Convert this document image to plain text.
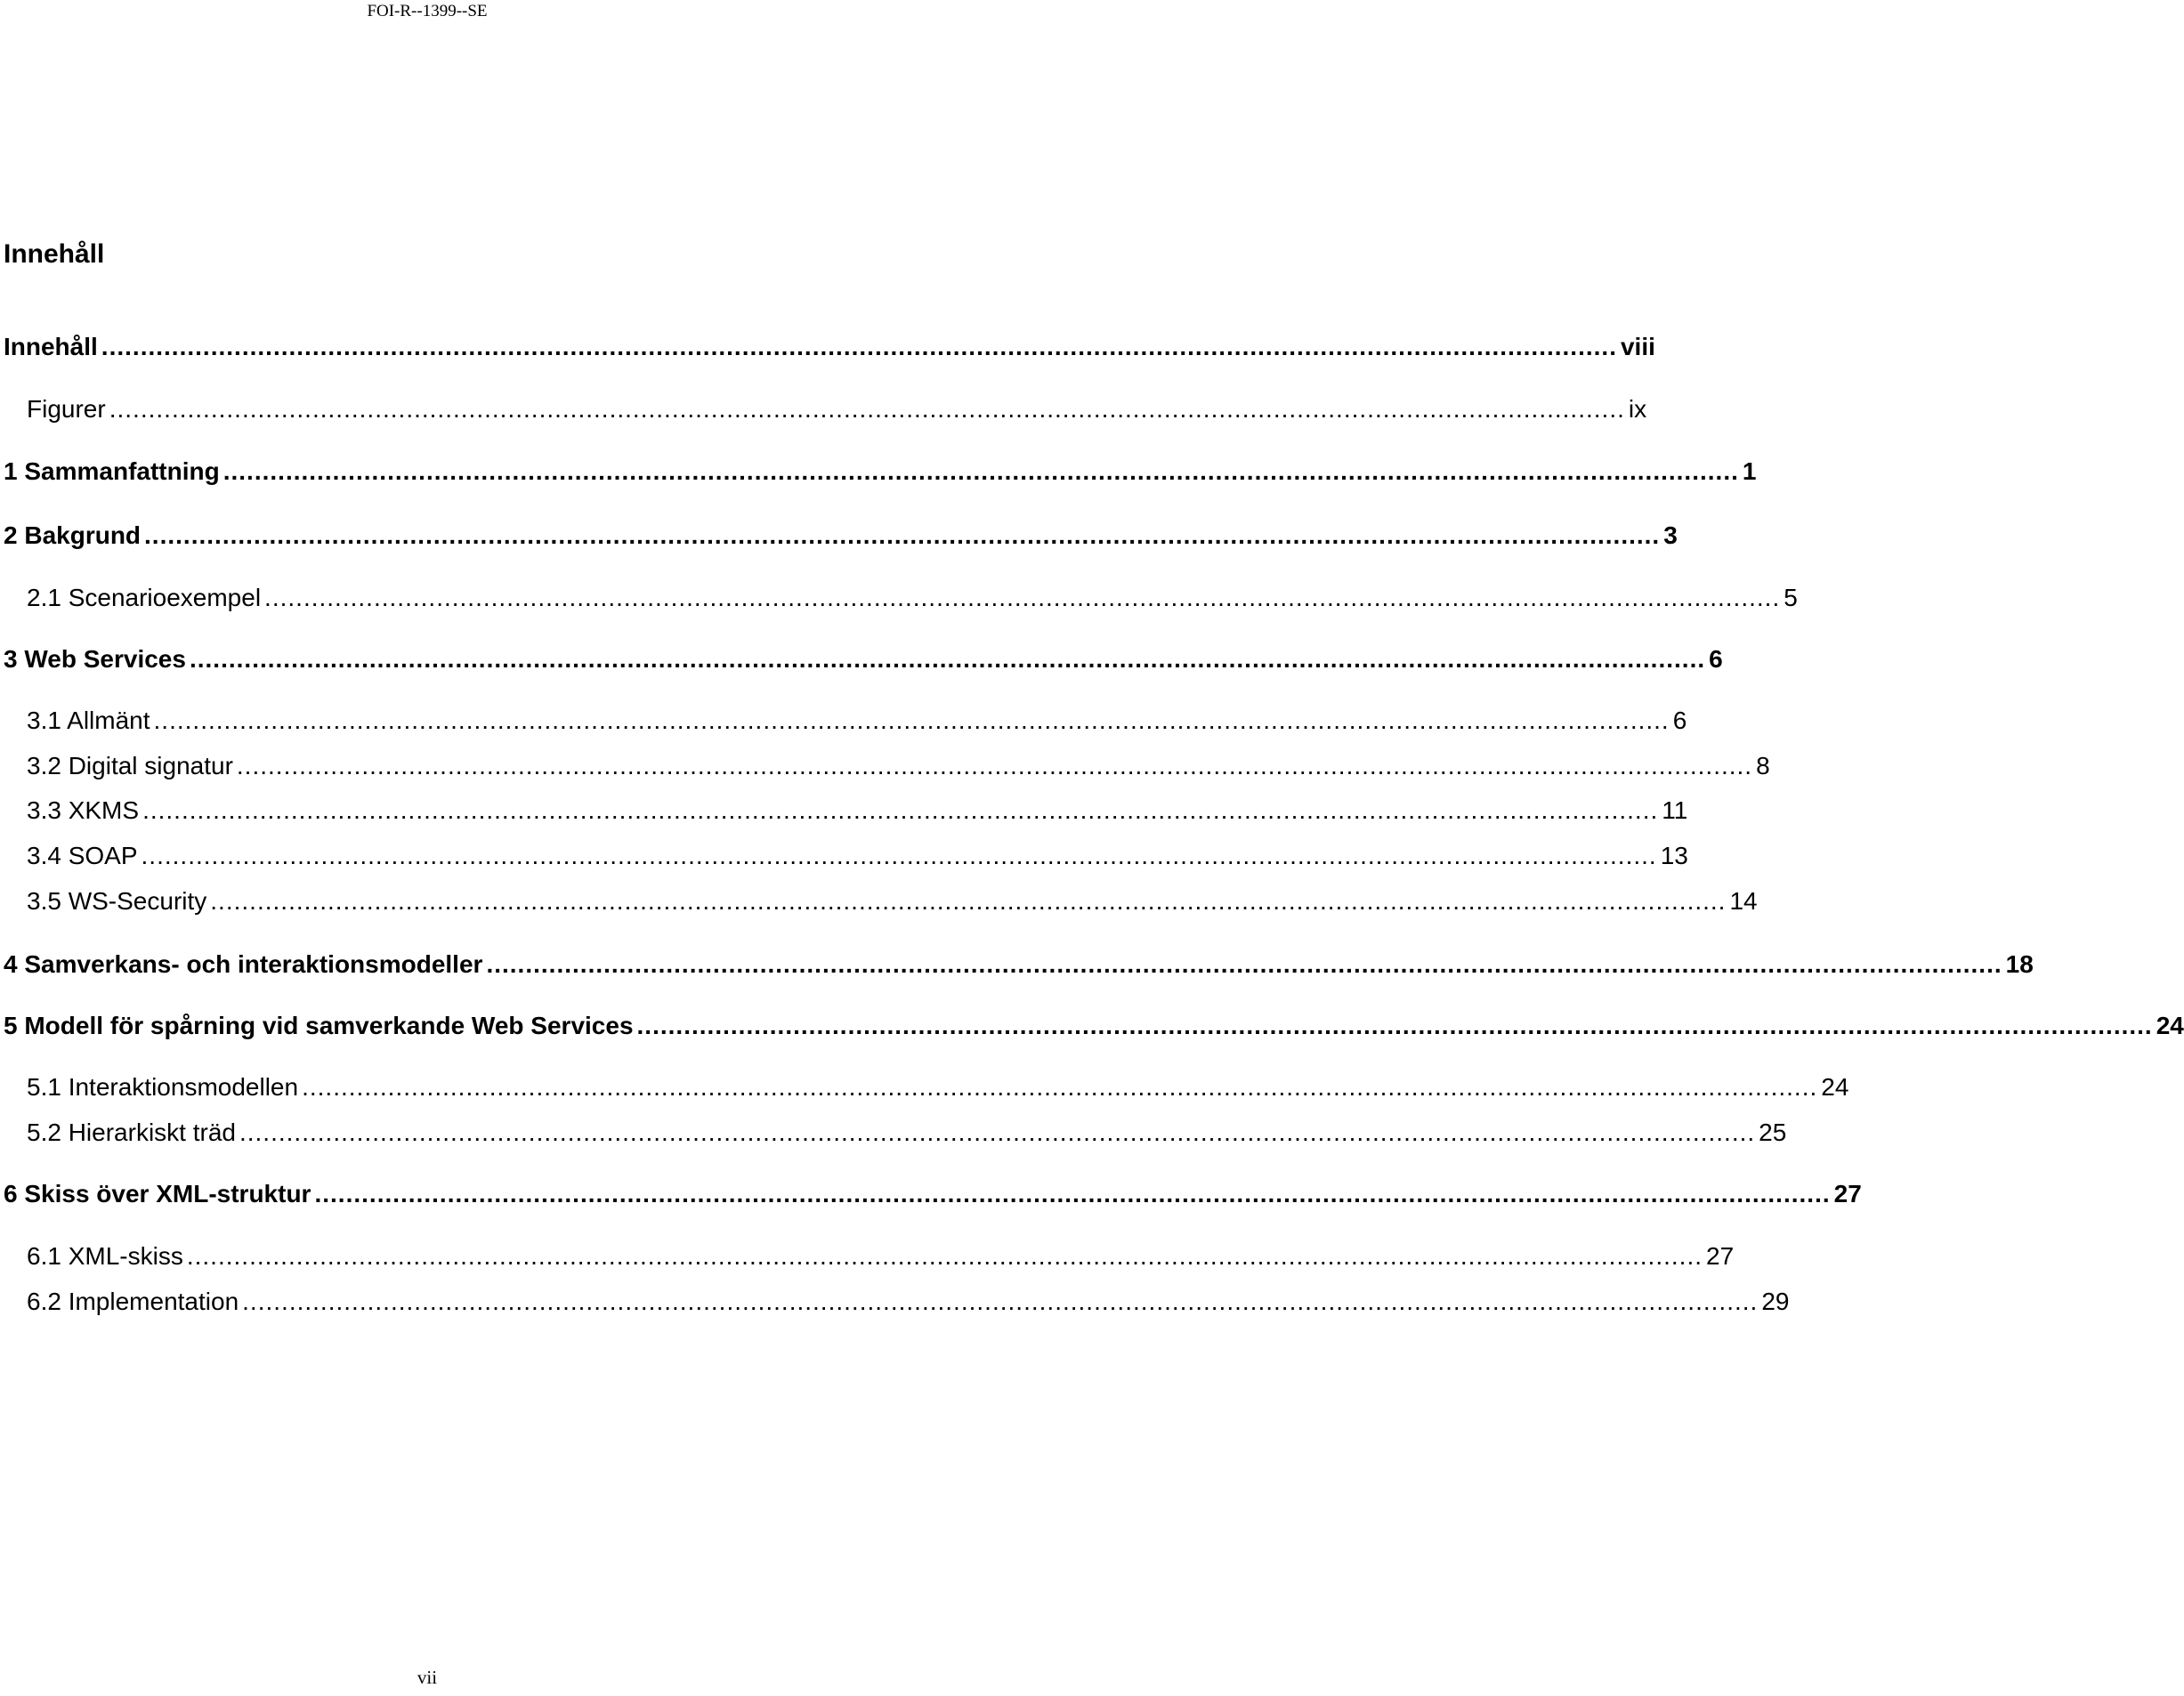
FOI-R--1399--SE
Innehåll
Innehåll .................................................................................................................................................................................................. viii
Figurer .................................................................................................................................................................................................. ix
1 Sammanfattning .................................................................................................................................................................................................. 1
2 Bakgrund .................................................................................................................................................................................................. 3
2.1 Scenarioexempel .................................................................................................................................................................................................. 5
3 Web Services .................................................................................................................................................................................................. 6
3.1 Allmänt .................................................................................................................................................................................................. 6
3.2 Digital signatur .................................................................................................................................................................................................. 8
3.3 XKMS .................................................................................................................................................................................................. 11
3.4 SOAP .................................................................................................................................................................................................. 13
3.5 WS-Security .................................................................................................................................................................................................. 14
4 Samverkans- och interaktionsmodeller .................................................................................................................................................................................................. 18
5 Modell för spårning vid samverkande Web Services .................................................................................................................................................................................................. 24
5.1 Interaktionsmodellen .................................................................................................................................................................................................. 24
5.2 Hierarkiskt träd .................................................................................................................................................................................................. 25
6 Skiss över XML-struktur .................................................................................................................................................................................................. 27
6.1 XML-skiss .................................................................................................................................................................................................. 27
6.2 Implementation .................................................................................................................................................................................................. 29
vii
